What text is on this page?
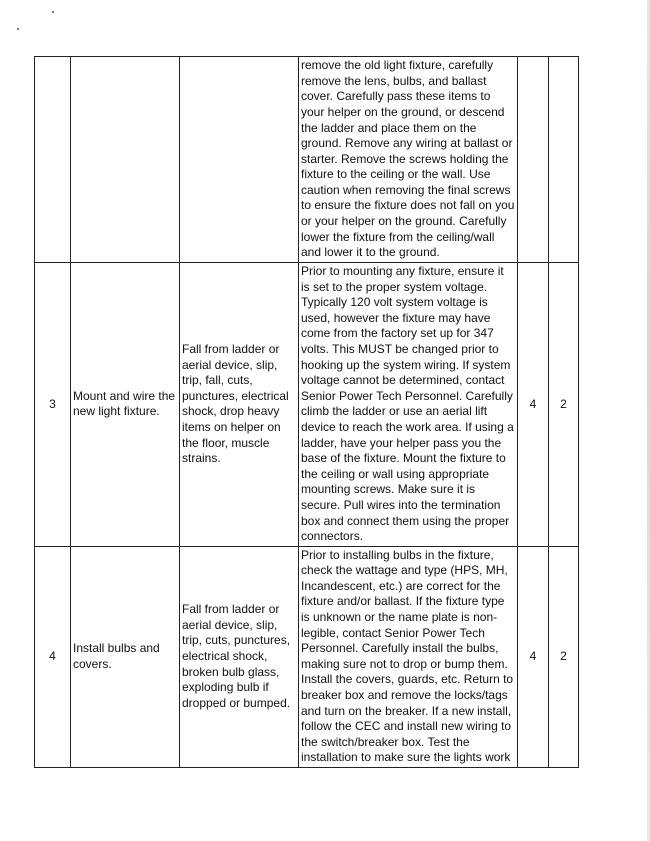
			remove the old light fixture, carefully remove the lens, bulbs, and ballast cover. Carefully pass these items to your helper on the ground, or descend the ladder and place them on the ground. Remove any wiring at ballast or starter. Remove the screws holding the fixture to the ceiling or the wall. Use caution when removing the final screws to ensure the fixture does not fall on you or your helper on the ground. Carefully lower the fixture from the ceiling/wall and lower it to the ground.		
3	Mount and wire the new light fixture.	Fall from ladder or aerial device, slip, trip, fall, cuts, punctures, electrical shock, drop heavy items on helper on the floor, muscle strains.	Prior to mounting any fixture, ensure it is set to the proper system voltage. Typically 120 volt system voltage is used, however the fixture may have come from the factory set up for 347 volts. This MUST be changed prior to hooking up the system wiring. If system voltage cannot be determined, contact Senior Power Tech Personnel. Carefully climb the ladder or use an aerial lift device to reach the work area. If using a ladder, have your helper pass you the base of the fixture. Mount the fixture to the ceiling or wall using appropriate mounting screws. Make sure it is secure. Pull wires into the termination box and connect them using the proper connectors.	4	2
4	Install bulbs and covers.	Fall from ladder or aerial device, slip, trip, cuts, punctures, electrical shock, broken bulb glass, exploding bulb if dropped or bumped.	Prior to installing bulbs in the fixture, check the wattage and type (HPS, MH, Incandescent, etc.) are correct for the fixture and/or ballast. If the fixture type is unknown or the name plate is non-legible, contact Senior Power Tech Personnel. Carefully install the bulbs, making sure not to drop or bump them. Install the covers, guards, etc. Return to breaker box and remove the locks/tags and turn on the breaker. If a new install, follow the CEC and install new wiring to the switch/breaker box. Test the installation to make sure the lights work	4	2
